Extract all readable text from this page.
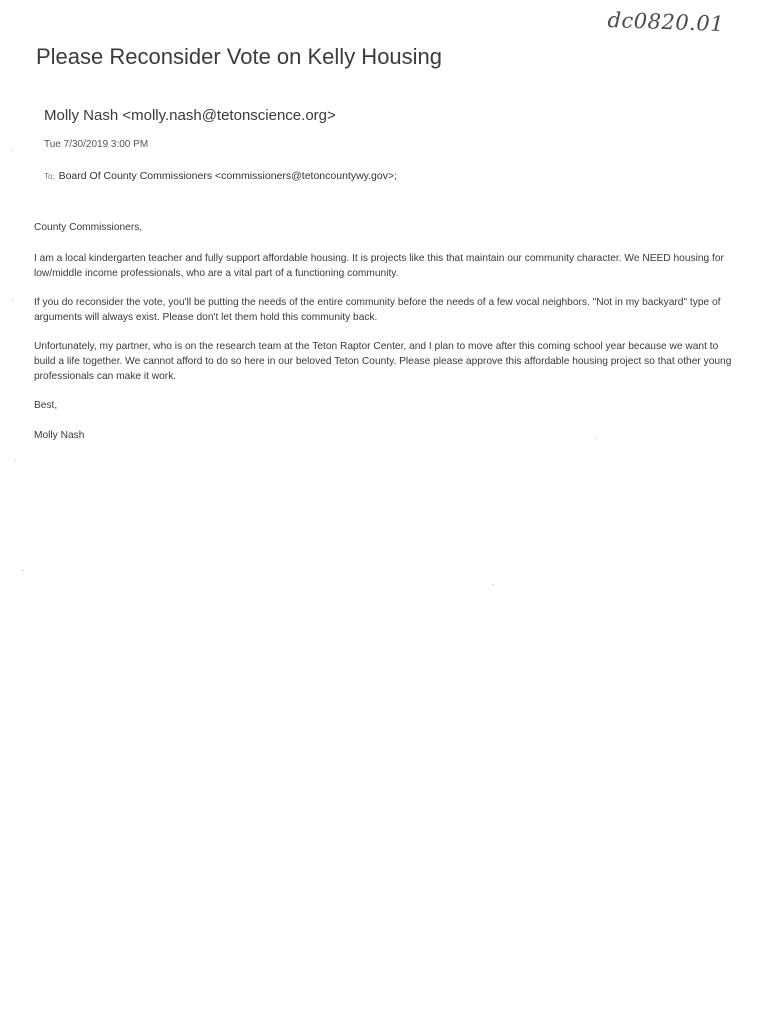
dc0820.01
Please Reconsider Vote on Kelly Housing
Molly Nash <molly.nash@tetonscience.org>
Tue 7/30/2019 3:00 PM
To: Board Of County Commissioners <commissioners@tetoncountywy.gov>;

County Commissioners,

I am a local kindergarten teacher and fully support affordable housing. It is projects like this that maintain our community character. We NEED housing for low/middle income professionals, who are a vital part of a functioning community.

If you do reconsider the vote, you'll be putting the needs of the entire community before the needs of a few vocal neighbors. "Not in my backyard" type of arguments will always exist. Please don't let them hold this community back.

Unfortunately, my partner, who is on the research team at the Teton Raptor Center, and I plan to move after this coming school year because we want to build a life together. We cannot afford to do so here in our beloved Teton County. Please please approve this affordable housing project so that other young professionals can make it work.

Best,

Molly Nash
